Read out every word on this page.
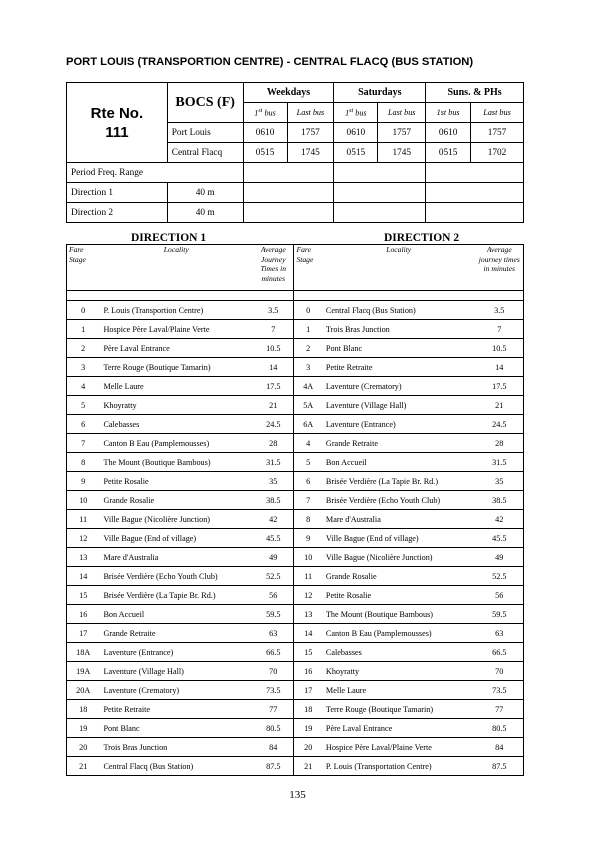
PORT LOUIS (TRANSPORTION CENTRE) - CENTRAL FLACQ (BUS STATION)
Rte No.
111	BOCS (F)	Weekdays		Saturdays		Suns. & PHs	
		1st bus	Last bus	1st bus	Last bus	1st bus	Last bus
	Port Louis	0610	1757	0610	1757	0610	1757
	Central Flacq	0515	1745	0515	1745	0515	1702
Period Freq. Range							
Direction 1	40 m						
Direction 2	40 m						
DIRECTION 1	DIRECTION 2
Fare Stage	Locality	Average Journey Times in minutes	Fare Stage	Locality	Average journey times in minutes

0	P. Louis (Transportion Centre)	3.5	0	Central Flacq (Bus Station)	3.5
1	Hospice Père Laval/Plaine Verte	7	1	Trois Bras Junction	7
2	Père Laval Entrance	10.5	2	Pont Blanc	10.5
3	Terre Rouge (Boutique Tamarin)	14	3	Petite Retraite	14
4	Melle Laure	17.5	4A	Laventure (Crematory)	17.5
5	Khoyratty	21	5A	Laventure (Village Hall)	21
6	Calebasses	24.5	6A	Laventure (Entrance)	24.5
7	Canton B Eau (Pamplemousses)	28	4	Grande Retraite	28
8	The Mount (Boutique Bambous)	31.5	5	Bon Accueil	31.5
9	Petite Rosalie	35	6	Brisée Verdière (La Tapie Br. Rd.)	35
10	Grande Rosalie	38.5	7	Brisée Verdière (Echo Youth Club)	38.5
11	Ville Bague (Nicolière Junction)	42	8	Mare d'Australia	42
12	Ville Bague (End of village)	45.5	9	Ville Bague (End of village)	45.5
13	Mare d'Australia	49	10	Ville Bague (Nicolière Junction)	49
14	Brisée Verdière (Echo Youth Club)	52.5	11	Grande Rosalie	52.5
15	Brisée Verdière (La Tapie Br. Rd.)	56	12	Petite Rosalie	56
16	Bon Accueil	59.5	13	The Mount (Boutique Bambous)	59.5
17	Grande Retraite	63	14	Canton B Eau (Pamplemousses)	63
18A	Laventure (Entrance)	66.5	15	Calebasses	66.5
19A	Laventure (Village Hall)	70	16	Khoyratty	70
20A	Laventure (Crematory)	73.5	17	Melle Laure	73.5
18	Petite Retraite	77	18	Terre Rouge (Boutique Tamarin)	77
19	Pont Blanc	80.5	19	Père Laval Entrance	80.5
20	Trois Bras Junction	84	20	Hospice Père Laval/Plaine Verte	84
21	Central Flacq (Bus Station)	87.5	21	P. Louis (Transportation Centre)	87.5
135
